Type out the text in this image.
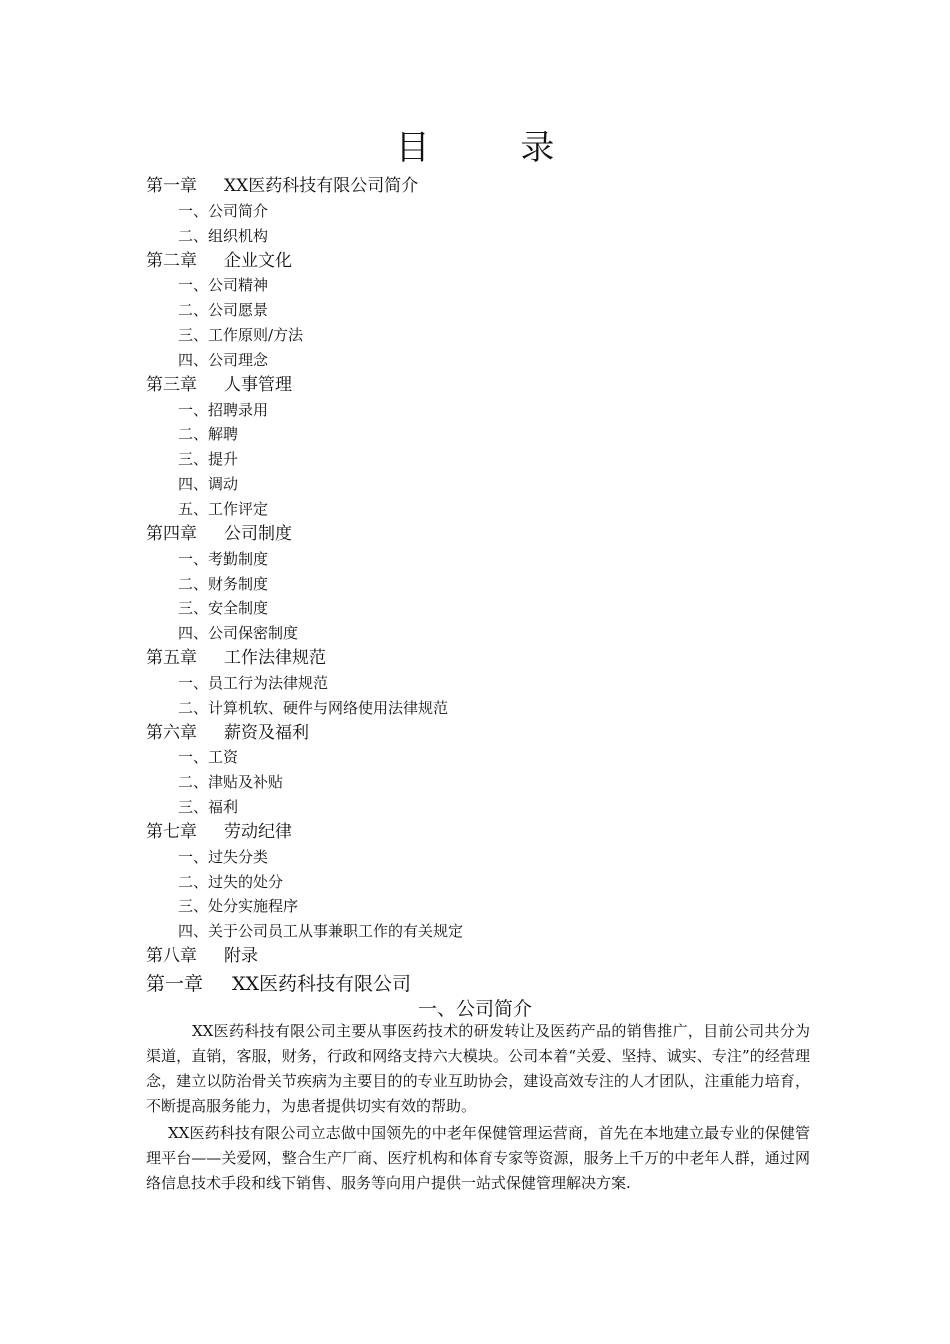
目 录
第一章 XX医药科技有限公司简介
一、公司简介
二、组织机构
第二章 企业文化
一、公司精神
二、公司愿景
三、工作原则/方法
四、公司理念
第三章 人事管理
一、招聘录用
二、解聘
三、提升
四、调动
五、工作评定
第四章 公司制度
一、考勤制度
二、财务制度
三、安全制度
四、公司保密制度
第五章 工作法律规范
一、员工行为法律规范
二、计算机软、硬件与网络使用法律规范
第六章 薪资及福利
一、工资
二、津贴及补贴
三、福利
第七章 劳动纪律
一、过失分类
二、过失的处分
三、处分实施程序
四、关于公司员工从事兼职工作的有关规定
第八章 附录
第一章 XX医药科技有限公司
一、公司简介
XX医药科技有限公司主要从事医药技术的研发转让及医药产品的销售推广，目前公司共分为渠道，直销，客服，财务，行政和网络支持六大模块。公司本着“关爱、坚持、诚实、专注”的经营理念，建立以防治骨关节疾病为主要目的的专业互助协会，建设高效专注的人才团队，注重能力培育，不断提高服务能力，为患者提供切实有效的帮助。
XX医药科技有限公司立志做中国领先的中老年保健管理运营商，首先在本地建立最专业的保健管理平台——关爱网，整合生产厂商、医疗机构和体育专家等资源，服务上千万的中老年人群，通过网络信息技术手段和线下销售、服务等向用户提供一站式保健管理解决方案.
